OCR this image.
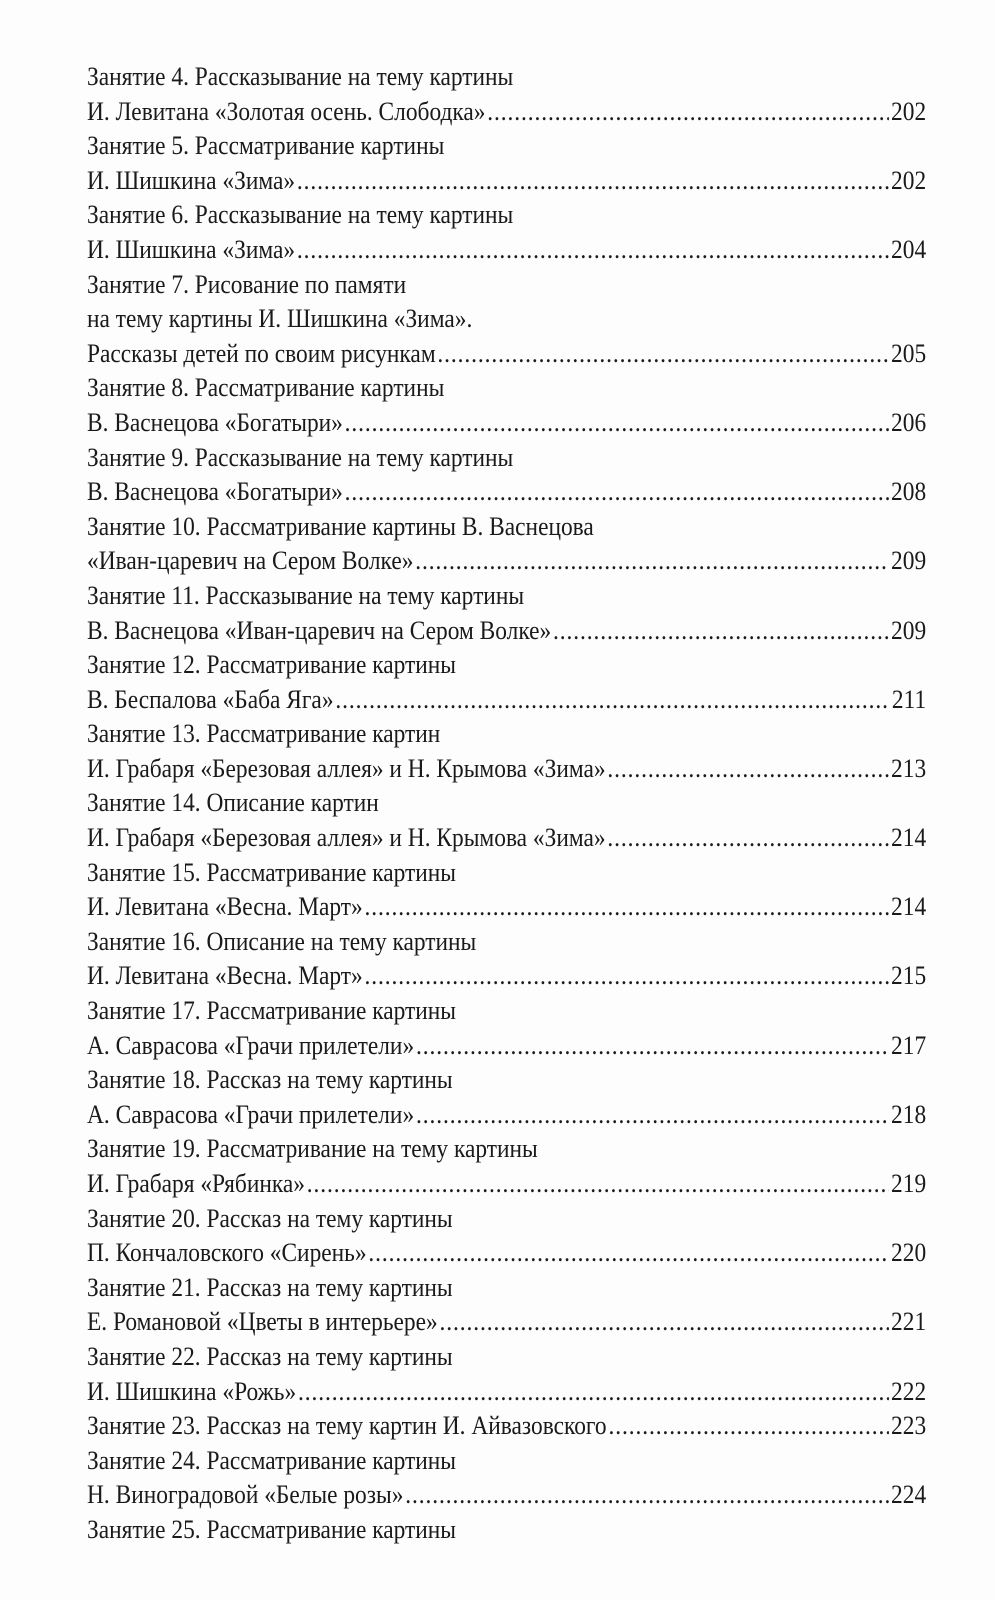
Занятие 4. Рассказывание на тему картины
И. Левитана «Золотая осень. Слободка» .....	202
Занятие 5. Рассматривание картины
И. Шишкина «Зима» .....	202
Занятие 6. Рассказывание на тему картины
И. Шишкина «Зима» .....	204
Занятие 7. Рисование по памяти
на тему картины И. Шишкина «Зима».
Рассказы детей по своим рисункам .....	205
Занятие 8. Рассматривание картины
В. Васнецова «Богатыри» .....	206
Занятие 9. Рассказывание на тему картины
В. Васнецова «Богатыри» .....	208
Занятие 10. Рассматривание картины В. Васнецова
«Иван-царевич на Сером Волке» .....	209
Занятие 11. Рассказывание на тему картины
В. Васнецова «Иван-царевич на Сером Волке» .....	209
Занятие 12. Рассматривание картины
В. Беспалова «Баба Яга» .....	211
Занятие 13. Рассматривание картин
И. Грабаря «Березовая аллея» и Н. Крымова «Зима» .....	213
Занятие 14. Описание картин
И. Грабаря «Березовая аллея» и Н. Крымова «Зима» .....	214
Занятие 15. Рассматривание картины
И. Левитана «Весна. Март» .....	214
Занятие 16. Описание на тему картины
И. Левитана «Весна. Март» .....	215
Занятие 17. Рассматривание картины
А. Саврасова «Грачи прилетели» .....	217
Занятие 18. Рассказ на тему картины
А. Саврасова «Грачи прилетели» .....	218
Занятие 19. Рассматривание на тему картины
И. Грабаря «Рябинка» .....	219
Занятие 20. Рассказ на тему картины
П. Кончаловского «Сирень» .....	220
Занятие 21. Рассказ на тему картины
Е. Романовой «Цветы в интерьере» .....	221
Занятие 22. Рассказ на тему картины
И. Шишкина «Рожь» .....	222
Занятие 23. Рассказ на тему картин И. Айвазовского .....	223
Занятие 24. Рассматривание картины
Н. Виноградовой «Белые розы» .....	224
Занятие 25. Рассматривание картины
